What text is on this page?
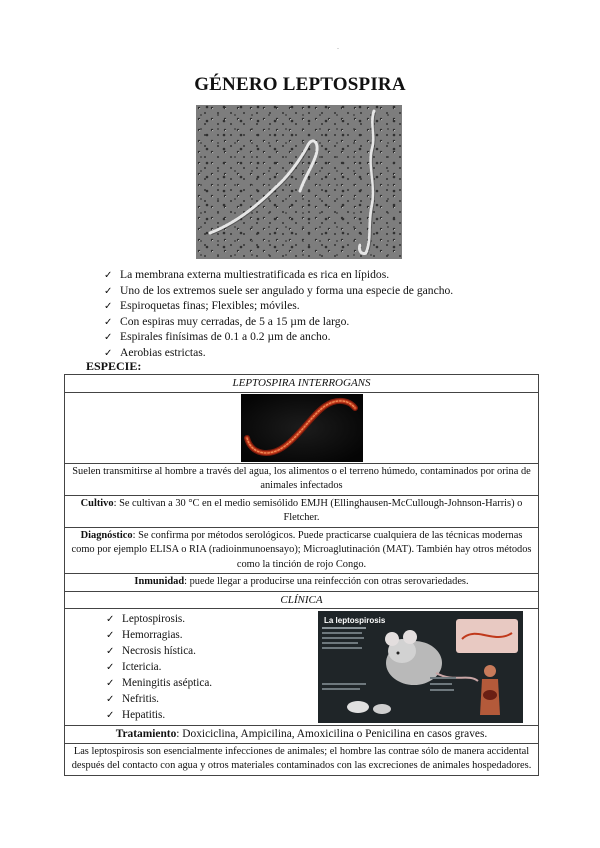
-
GÉNERO LEPTOSPIRA
✓ La membrana externa multiestratificada es rica en lípidos.
✓ Uno de los extremos suele ser angulado y forma una especie de gancho.
✓ Espiroquetas finas; Flexibles; móviles.
✓ Con espiras muy cerradas, de 5 a 15 µm de largo.
✓ Espirales finísimas de 0.1 a 0.2 µm de ancho.
✓ Aerobias estrictas.
ESPECIE:
LEPTOSPIRA INTERROGANS

Suelen transmitirse al hombre a través del agua, los alimentos o el terreno húmedo, contaminados por orina de animales infectados
Cultivo: Se cultivan a 30 °C en el medio semisólido EMJH (Ellinghausen-McCullough-Johnson-Harris) o Fletcher.
Diagnóstico: Se confirma por métodos serológicos. Puede practicarse cualquiera de las técnicas modernas como por ejemplo ELISA o RIA (radioinmunoensayo); Microaglutinación (MAT). También hay otros métodos como la tinción de rojo Congo.
Inmunidad: puede llegar a producirse una reinfección con otras serovariedades.
CLÍNICA

✓ Leptospirosis.
✓ Hemorragias.
✓ Necrosis hística.
✓ Ictericia.
✓ Meningitis aséptica.
✓ Nefritis.
✓ Hepatitis.
La leptospirosis

Tratamiento: Doxiciclina, Ampicilina, Amoxicilina o Penicilina en casos graves.
Las leptospirosis son esencialmente infecciones de animales; el hombre las contrae sólo de manera accidental después del contacto con agua y otros materiales contaminados con las excreciones de animales hospedadores.
